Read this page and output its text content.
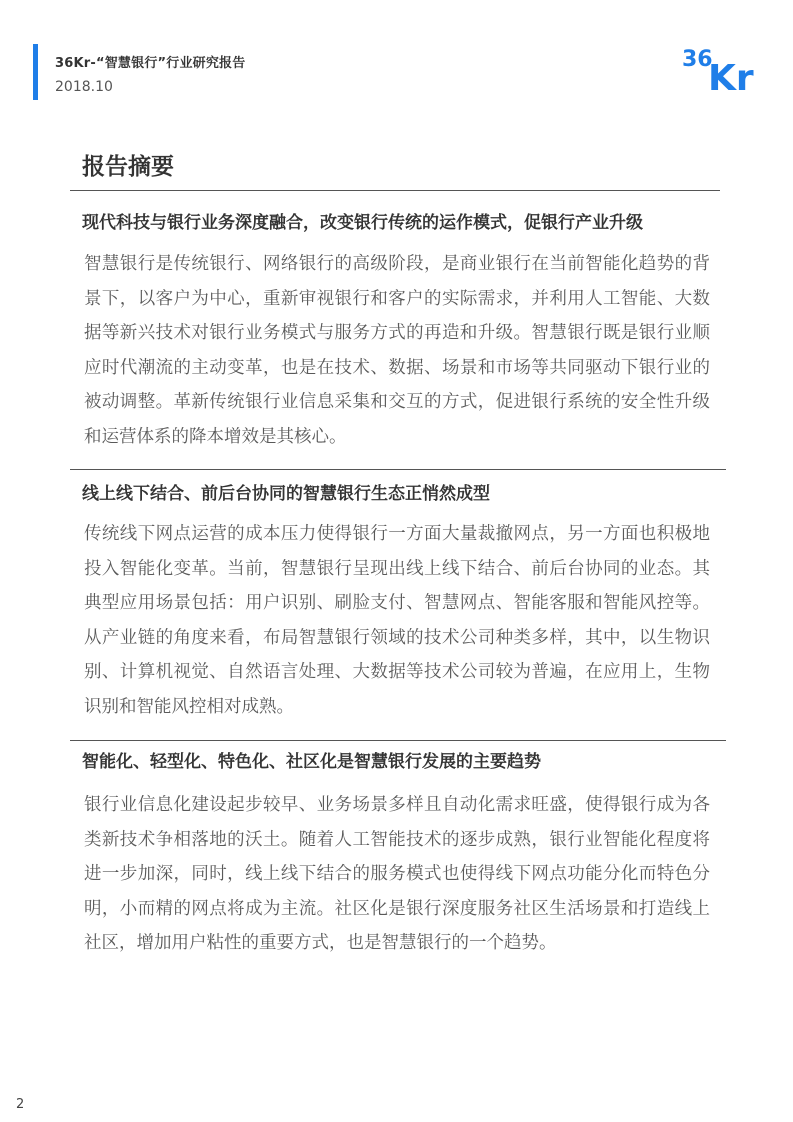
36Kr-“智慧银行”行业研究报告
2018.10
36
Kr
报告摘要
现代科技与银行业务深度融合，改变银行传统的运作模式，促银行产业升级
智慧银行是传统银行、网络银行的高级阶段，是商业银行在当前智能化趋势的背景下，以客户为中心，重新审视银行和客户的实际需求，并利用人工智能、大数据等新兴技术对银行业务模式与服务方式的再造和升级。智慧银行既是银行业顺应时代潮流的主动变革，也是在技术、数据、场景和市场等共同驱动下银行业的被动调整。革新传统银行业信息采集和交互的方式，促进银行系统的安全性升级和运营体系的降本增效是其核心。
线上线下结合、前后台协同的智慧银行生态正悄然成型
传统线下网点运营的成本压力使得银行一方面大量裁撤网点，另一方面也积极地投入智能化变革。当前，智慧银行呈现出线上线下结合、前后台协同的业态。其典型应用场景包括：用户识别、刷脸支付、智慧网点、智能客服和智能风控等。从产业链的角度来看，布局智慧银行领域的技术公司种类多样，其中，以生物识别、计算机视觉、自然语言处理、大数据等技术公司较为普遍，在应用上，生物识别和智能风控相对成熟。
智能化、轻型化、特色化、社区化是智慧银行发展的主要趋势
银行业信息化建设起步较早、业务场景多样且自动化需求旺盛，使得银行成为各类新技术争相落地的沃土。随着人工智能技术的逐步成熟，银行业智能化程度将进一步加深，同时，线上线下结合的服务模式也使得线下网点功能分化而特色分明，小而精的网点将成为主流。社区化是银行深度服务社区生活场景和打造线上社区，增加用户粘性的重要方式，也是智慧银行的一个趋势。
2
